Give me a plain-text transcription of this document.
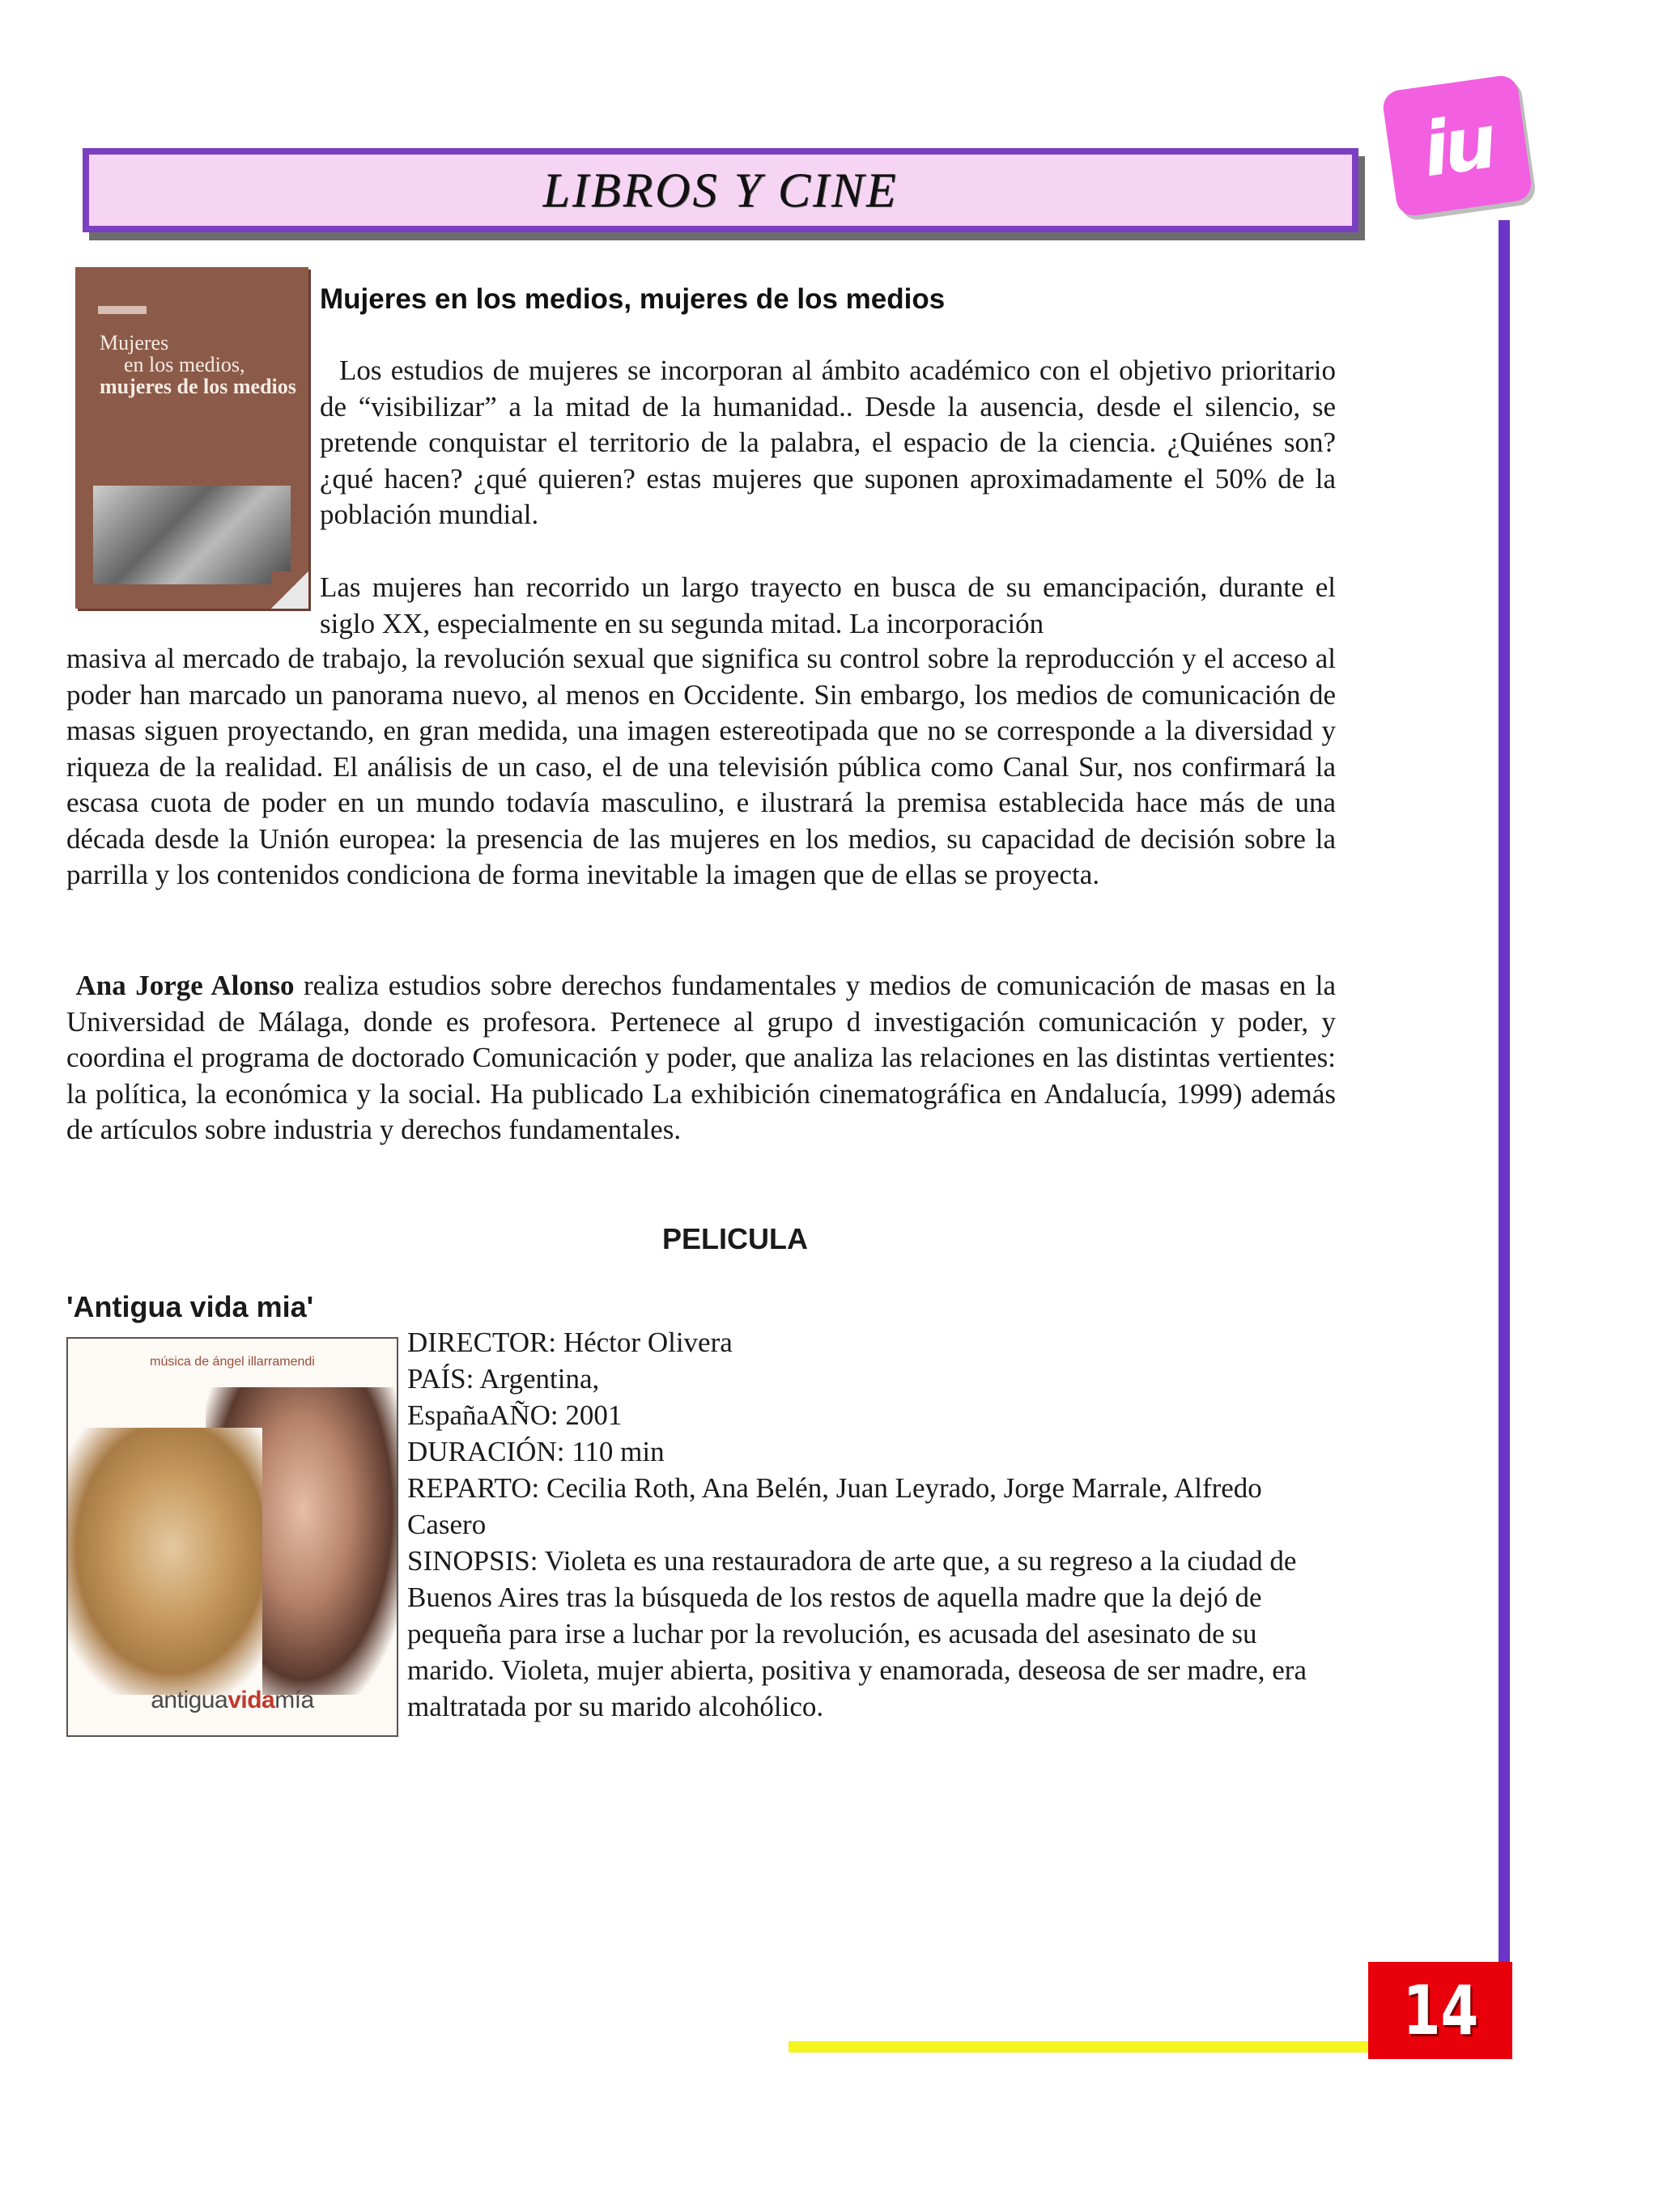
LIBROS Y CINE	iu
14
Mujeres
en los medios,
mujeres de los medios
Mujeres en los medios, mujeres de los medios
Los estudios de mujeres se incorporan al ámbito académico con el objetivo prioritario de “visibilizar” a la mitad de la humanidad.. Desde la ausencia, desde el silencio, se pretende conquistar el territorio de la palabra, el espacio de la ciencia. ¿Quiénes son? ¿qué hacen? ¿qué quieren? estas mujeres que suponen aproximadamente el 50% de la población mundial.
Las mujeres han recorrido un largo trayecto en busca de su emancipación, durante el siglo XX, especialmente en su segunda mitad. La incorporación
masiva al mercado de trabajo, la revolución sexual que significa su control sobre la reproducción y el acceso al poder han marcado un panorama nuevo, al menos en Occidente. Sin embargo, los medios de comunicación de masas siguen proyectando, en gran medida, una imagen estereotipada que no se corresponde a la diversidad y riqueza de la realidad. El análisis de un caso, el de una televisión pública como Canal Sur, nos confirmará la escasa cuota de poder en un mundo todavía masculino, e ilustrará la premisa establecida hace más de una década desde la Unión europea: la presencia de las mujeres en los medios, su capacidad de decisión sobre la parrilla y los contenidos condiciona de forma inevitable la imagen que de ellas se proyecta.
Ana Jorge Alonso realiza estudios sobre derechos fundamentales y medios de comunicación de masas en la Universidad de Málaga, donde es profesora. Pertenece al grupo d investigación comunicación y poder, y coordina el programa de doctorado Comunicación y poder, que analiza las relaciones en las distintas vertientes: la política, la económica y la social. Ha publicado La exhibición cinematográfica en Andalucía, 1999) además de artículos sobre industria y derechos fundamentales.
PELICULA
'Antigua vida mia'
música de ángel illarramendi
antiguavidamía
DIRECTOR: Héctor Olivera
PAÍS: Argentina,
EspañaAÑO: 2001
DURACIÓN: 110 min
REPARTO: Cecilia Roth, Ana Belén, Juan Leyrado, Jorge Marrale, Alfredo Casero
SINOPSIS: Violeta es una restauradora de arte que, a su regreso a la ciudad de Buenos Aires tras la búsqueda de los restos de aquella madre que la dejó de pequeña para irse a luchar por la revolución, es acusada del asesinato de su marido. Violeta, mujer abierta, positiva y enamorada, deseosa de ser madre, era maltratada por su marido alcohólico.
